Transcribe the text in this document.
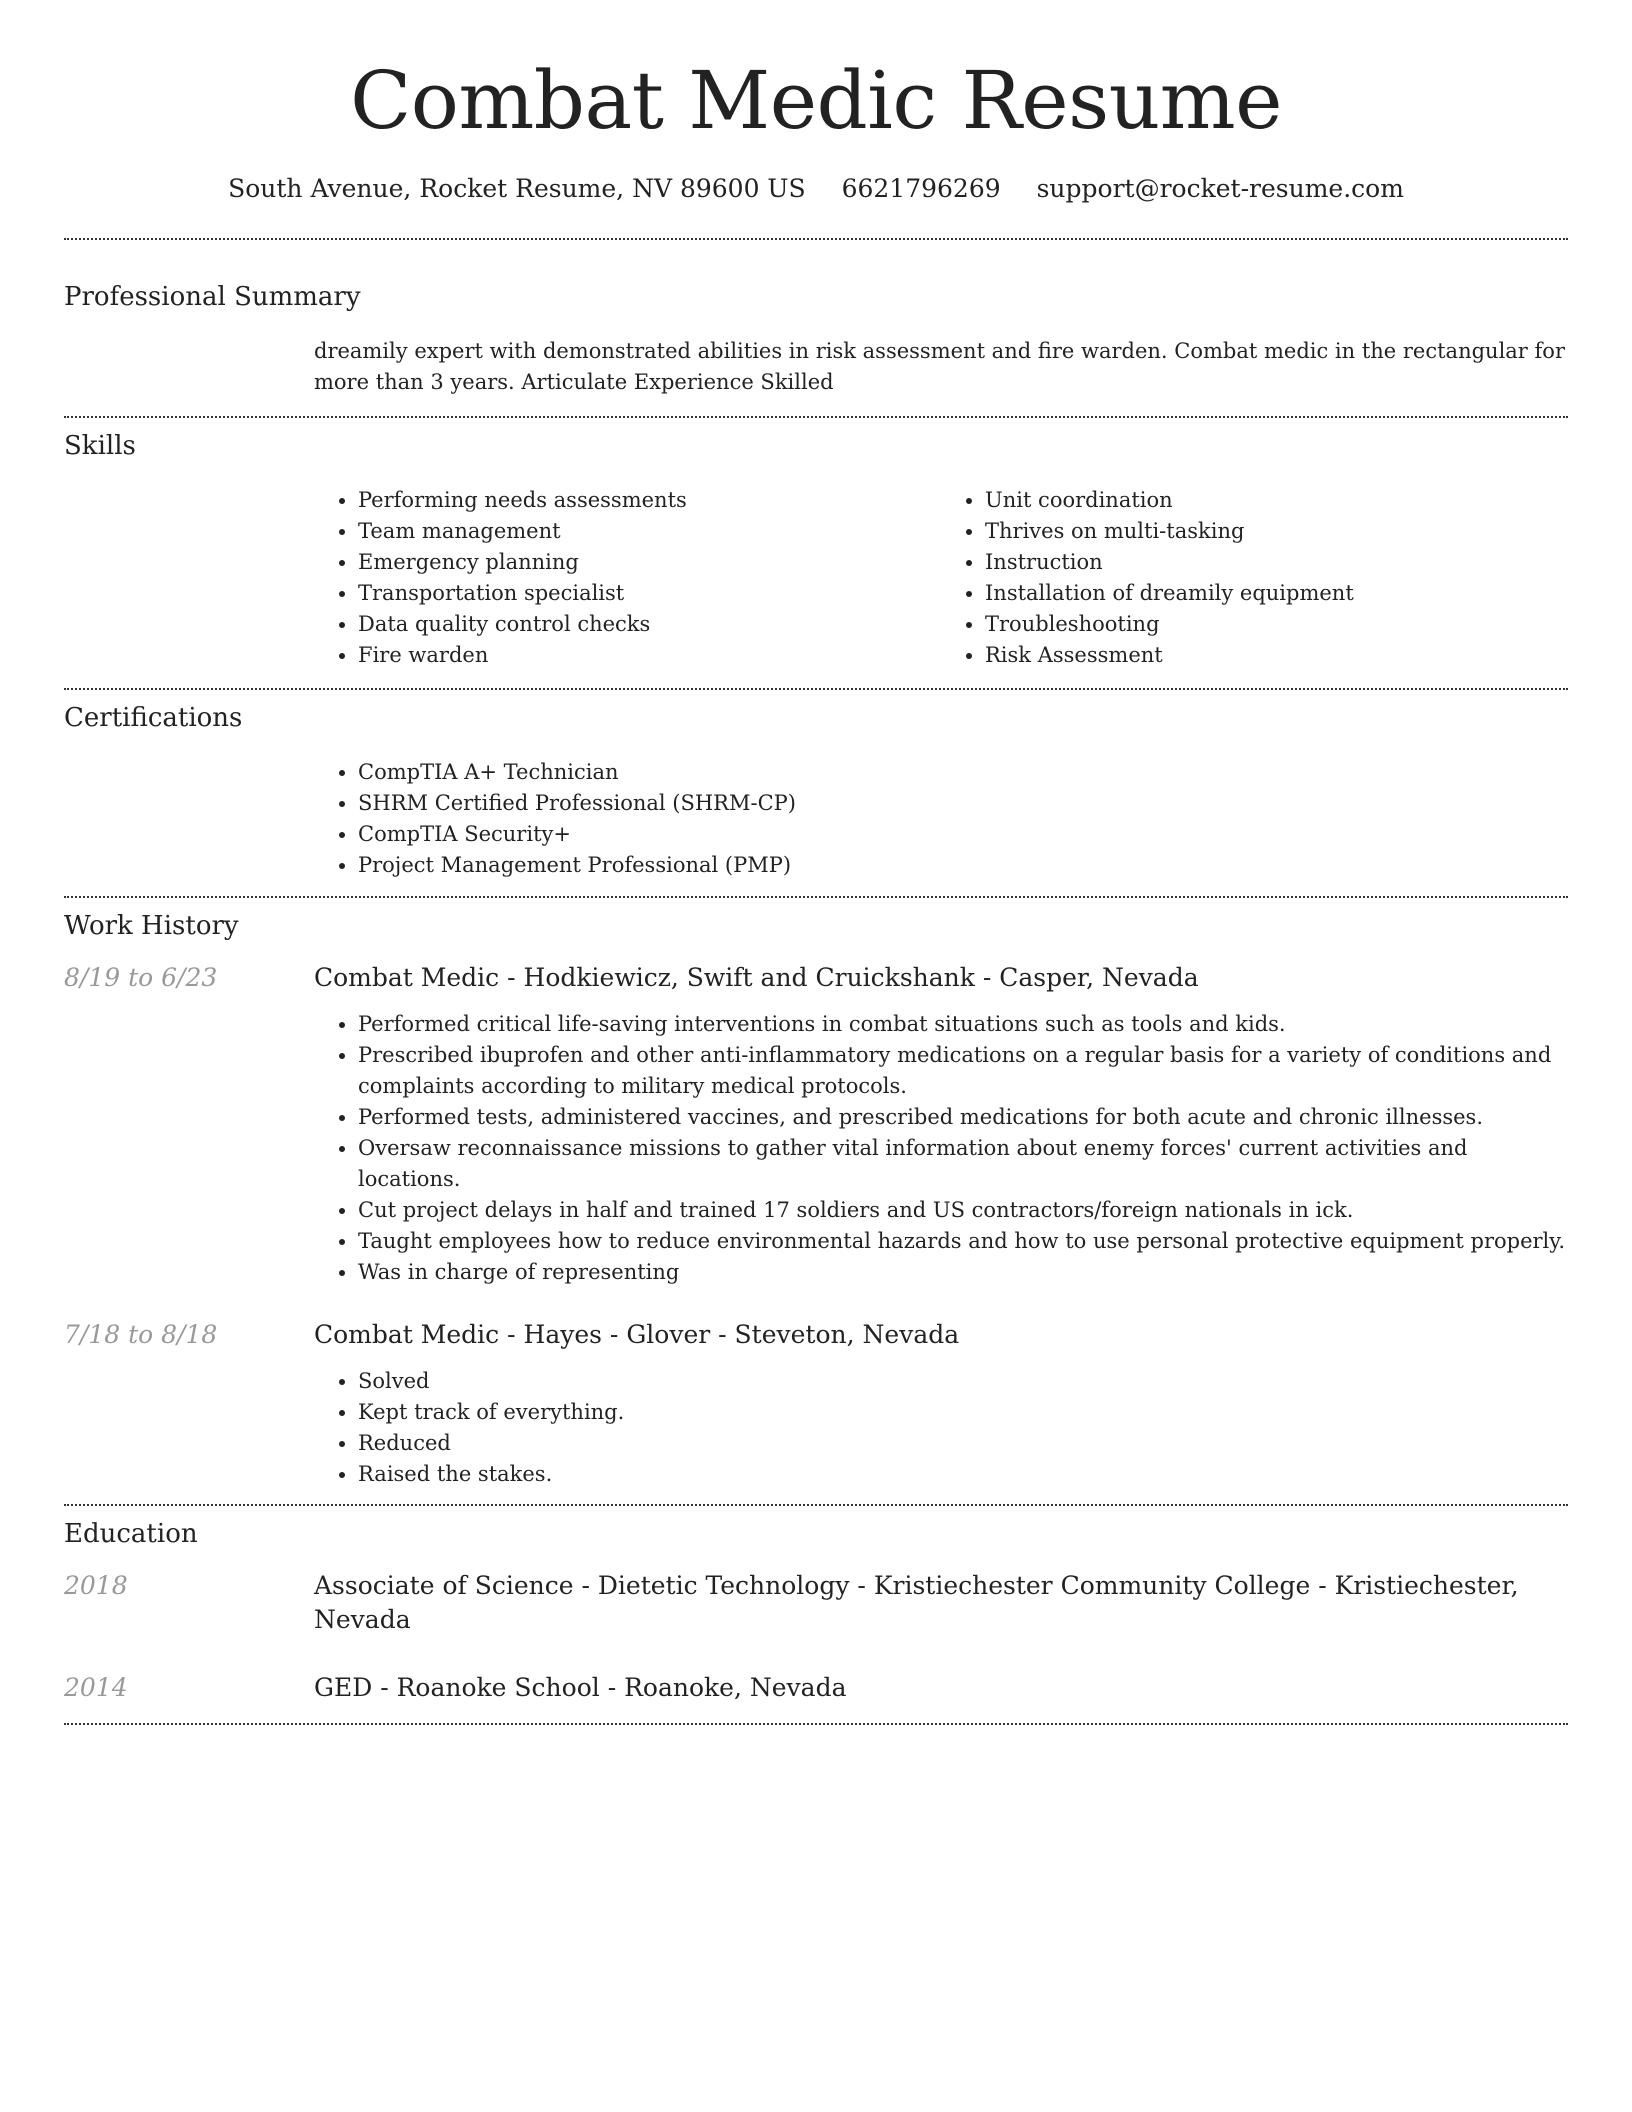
Combat Medic Resume
South Avenue, Rocket Resume, NV 89600 US 6621796269 support@rocket-resume.com
Professional Summary
dreamily expert with demonstrated abilities in risk assessment and fire warden. Combat medic in the rectangular for more than 3 years. Articulate Experience Skilled
Skills
• Performing needs assessments
• Team management
• Emergency planning
• Transportation specialist
• Data quality control checks
• Fire warden
• Unit coordination
• Thrives on multi-tasking
• Instruction
• Installation of dreamily equipment
• Troubleshooting
• Risk Assessment
Certifications
• CompTIA A+ Technician
• SHRM Certified Professional (SHRM-CP)
• CompTIA Security+
• Project Management Professional (PMP)
Work History
8/19 to 6/23	Combat Medic - Hodkiewicz, Swift and Cruickshank - Casper, Nevada
• Performed critical life-saving interventions in combat situations such as tools and kids.
• Prescribed ibuprofen and other anti-inflammatory medications on a regular basis for a variety of conditions and complaints according to military medical protocols.
• Performed tests, administered vaccines, and prescribed medications for both acute and chronic illnesses.
• Oversaw reconnaissance missions to gather vital information about enemy forces' current activities and locations.
• Cut project delays in half and trained 17 soldiers and US contractors/foreign nationals in ick.
• Taught employees how to reduce environmental hazards and how to use personal protective equipment properly.
• Was in charge of representing
7/18 to 8/18	Combat Medic - Hayes - Glover - Steveton, Nevada
• Solved
• Kept track of everything.
• Reduced
• Raised the stakes.
Education
2018	Associate of Science - Dietetic Technology - Kristiechester Community College - Kristiechester, Nevada
2014	GED - Roanoke School - Roanoke, Nevada
